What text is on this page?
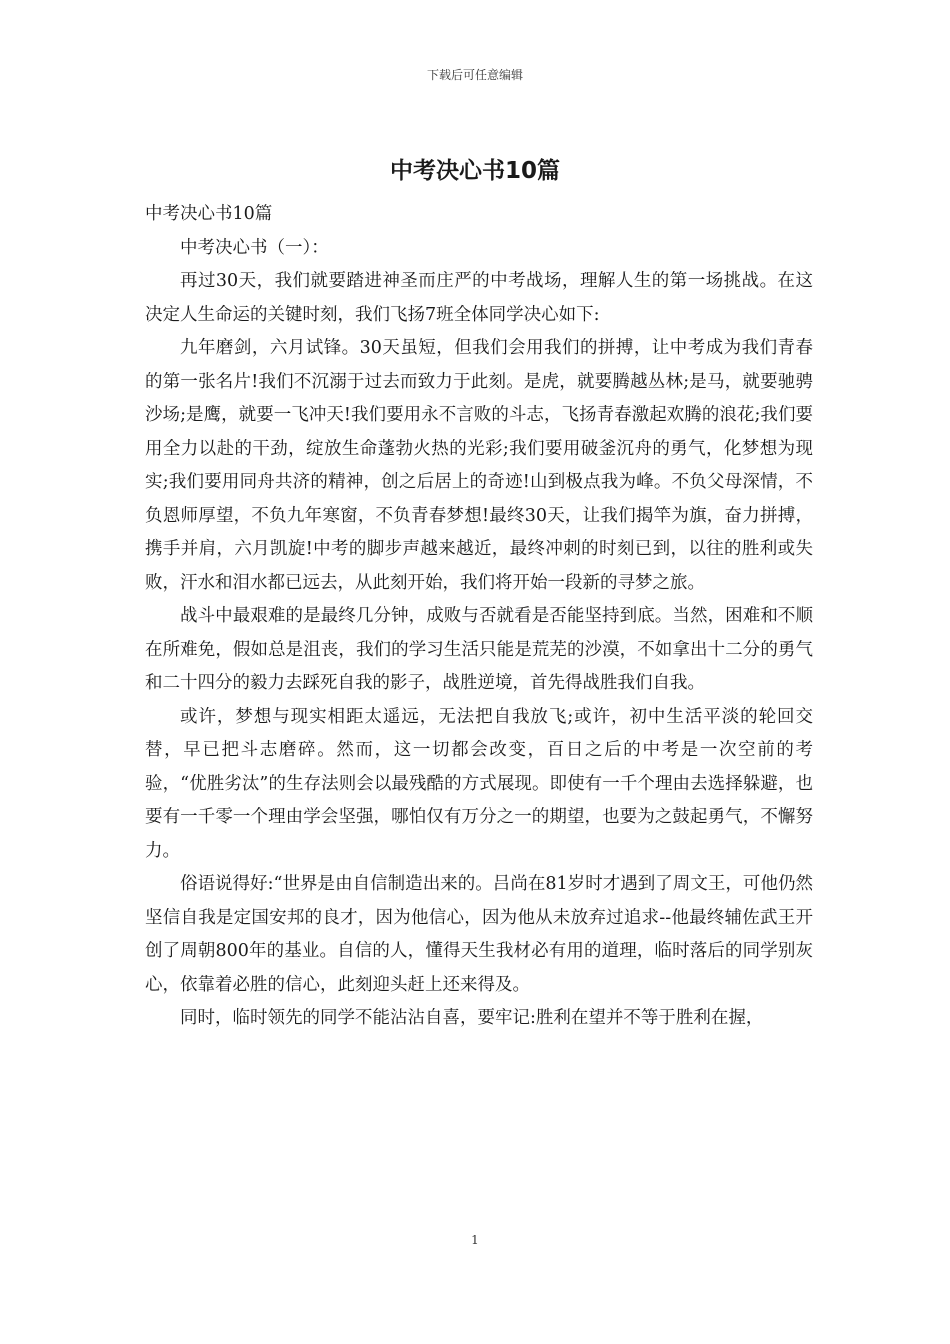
下载后可任意编辑
中考决心书10篇

中考决心书10篇

中考决心书（一）：

再过30天，我们就要踏进神圣而庄严的中考战场，理解人生的第一场挑战。在这决定人生命运的关键时刻，我们飞扬7班全体同学决心如下:

九年磨剑，六月试锋。30天虽短，但我们会用我们的拼搏，让中考成为我们青春的第一张名片!我们不沉溺于过去而致力于此刻。是虎，就要腾越丛林;是马，就要驰骋沙场;是鹰，就要一飞冲天!我们要用永不言败的斗志，飞扬青春激起欢腾的浪花;我们要用全力以赴的干劲，绽放生命蓬勃火热的光彩;我们要用破釜沉舟的勇气，化梦想为现实;我们要用同舟共济的精神，创之后居上的奇迹!山到极点我为峰。不负父母深情，不负恩师厚望，不负九年寒窗，不负青春梦想!最终30天，让我们揭竿为旗，奋力拼搏，携手并肩，六月凯旋!中考的脚步声越来越近，最终冲刺的时刻已到，以往的胜利或失败，汗水和泪水都已远去，从此刻开始，我们将开始一段新的寻梦之旅。

战斗中最艰难的是最终几分钟，成败与否就看是否能坚持到底。当然，困难和不顺在所难免，假如总是沮丧，我们的学习生活只能是荒芜的沙漠，不如拿出十二分的勇气和二十四分的毅力去踩死自我的影子，战胜逆境，首先得战胜我们自我。

或许，梦想与现实相距太遥远，无法把自我放飞;或许，初中生活平淡的轮回交替，早已把斗志磨碎。然而，这一切都会改变，百日之后的中考是一次空前的考验，“优胜劣汰”的生存法则会以最残酷的方式展现。即使有一千个理由去选择躲避，也要有一千零一个理由学会坚强，哪怕仅有万分之一的期望，也要为之鼓起勇气，不懈努力。

俗语说得好:“世界是由自信制造出来的。吕尚在81岁时才遇到了周文王，可他仍然坚信自我是定国安邦的良才，因为他信心，因为他从未放弃过追求--他最终辅佐武王开创了周朝800年的基业。自信的人，懂得天生我材必有用的道理，临时落后的同学别灰心，依靠着必胜的信心，此刻迎头赶上还来得及。

同时，临时领先的同学不能沾沾自喜，要牢记:胜利在望并不等于胜利在握，

1
